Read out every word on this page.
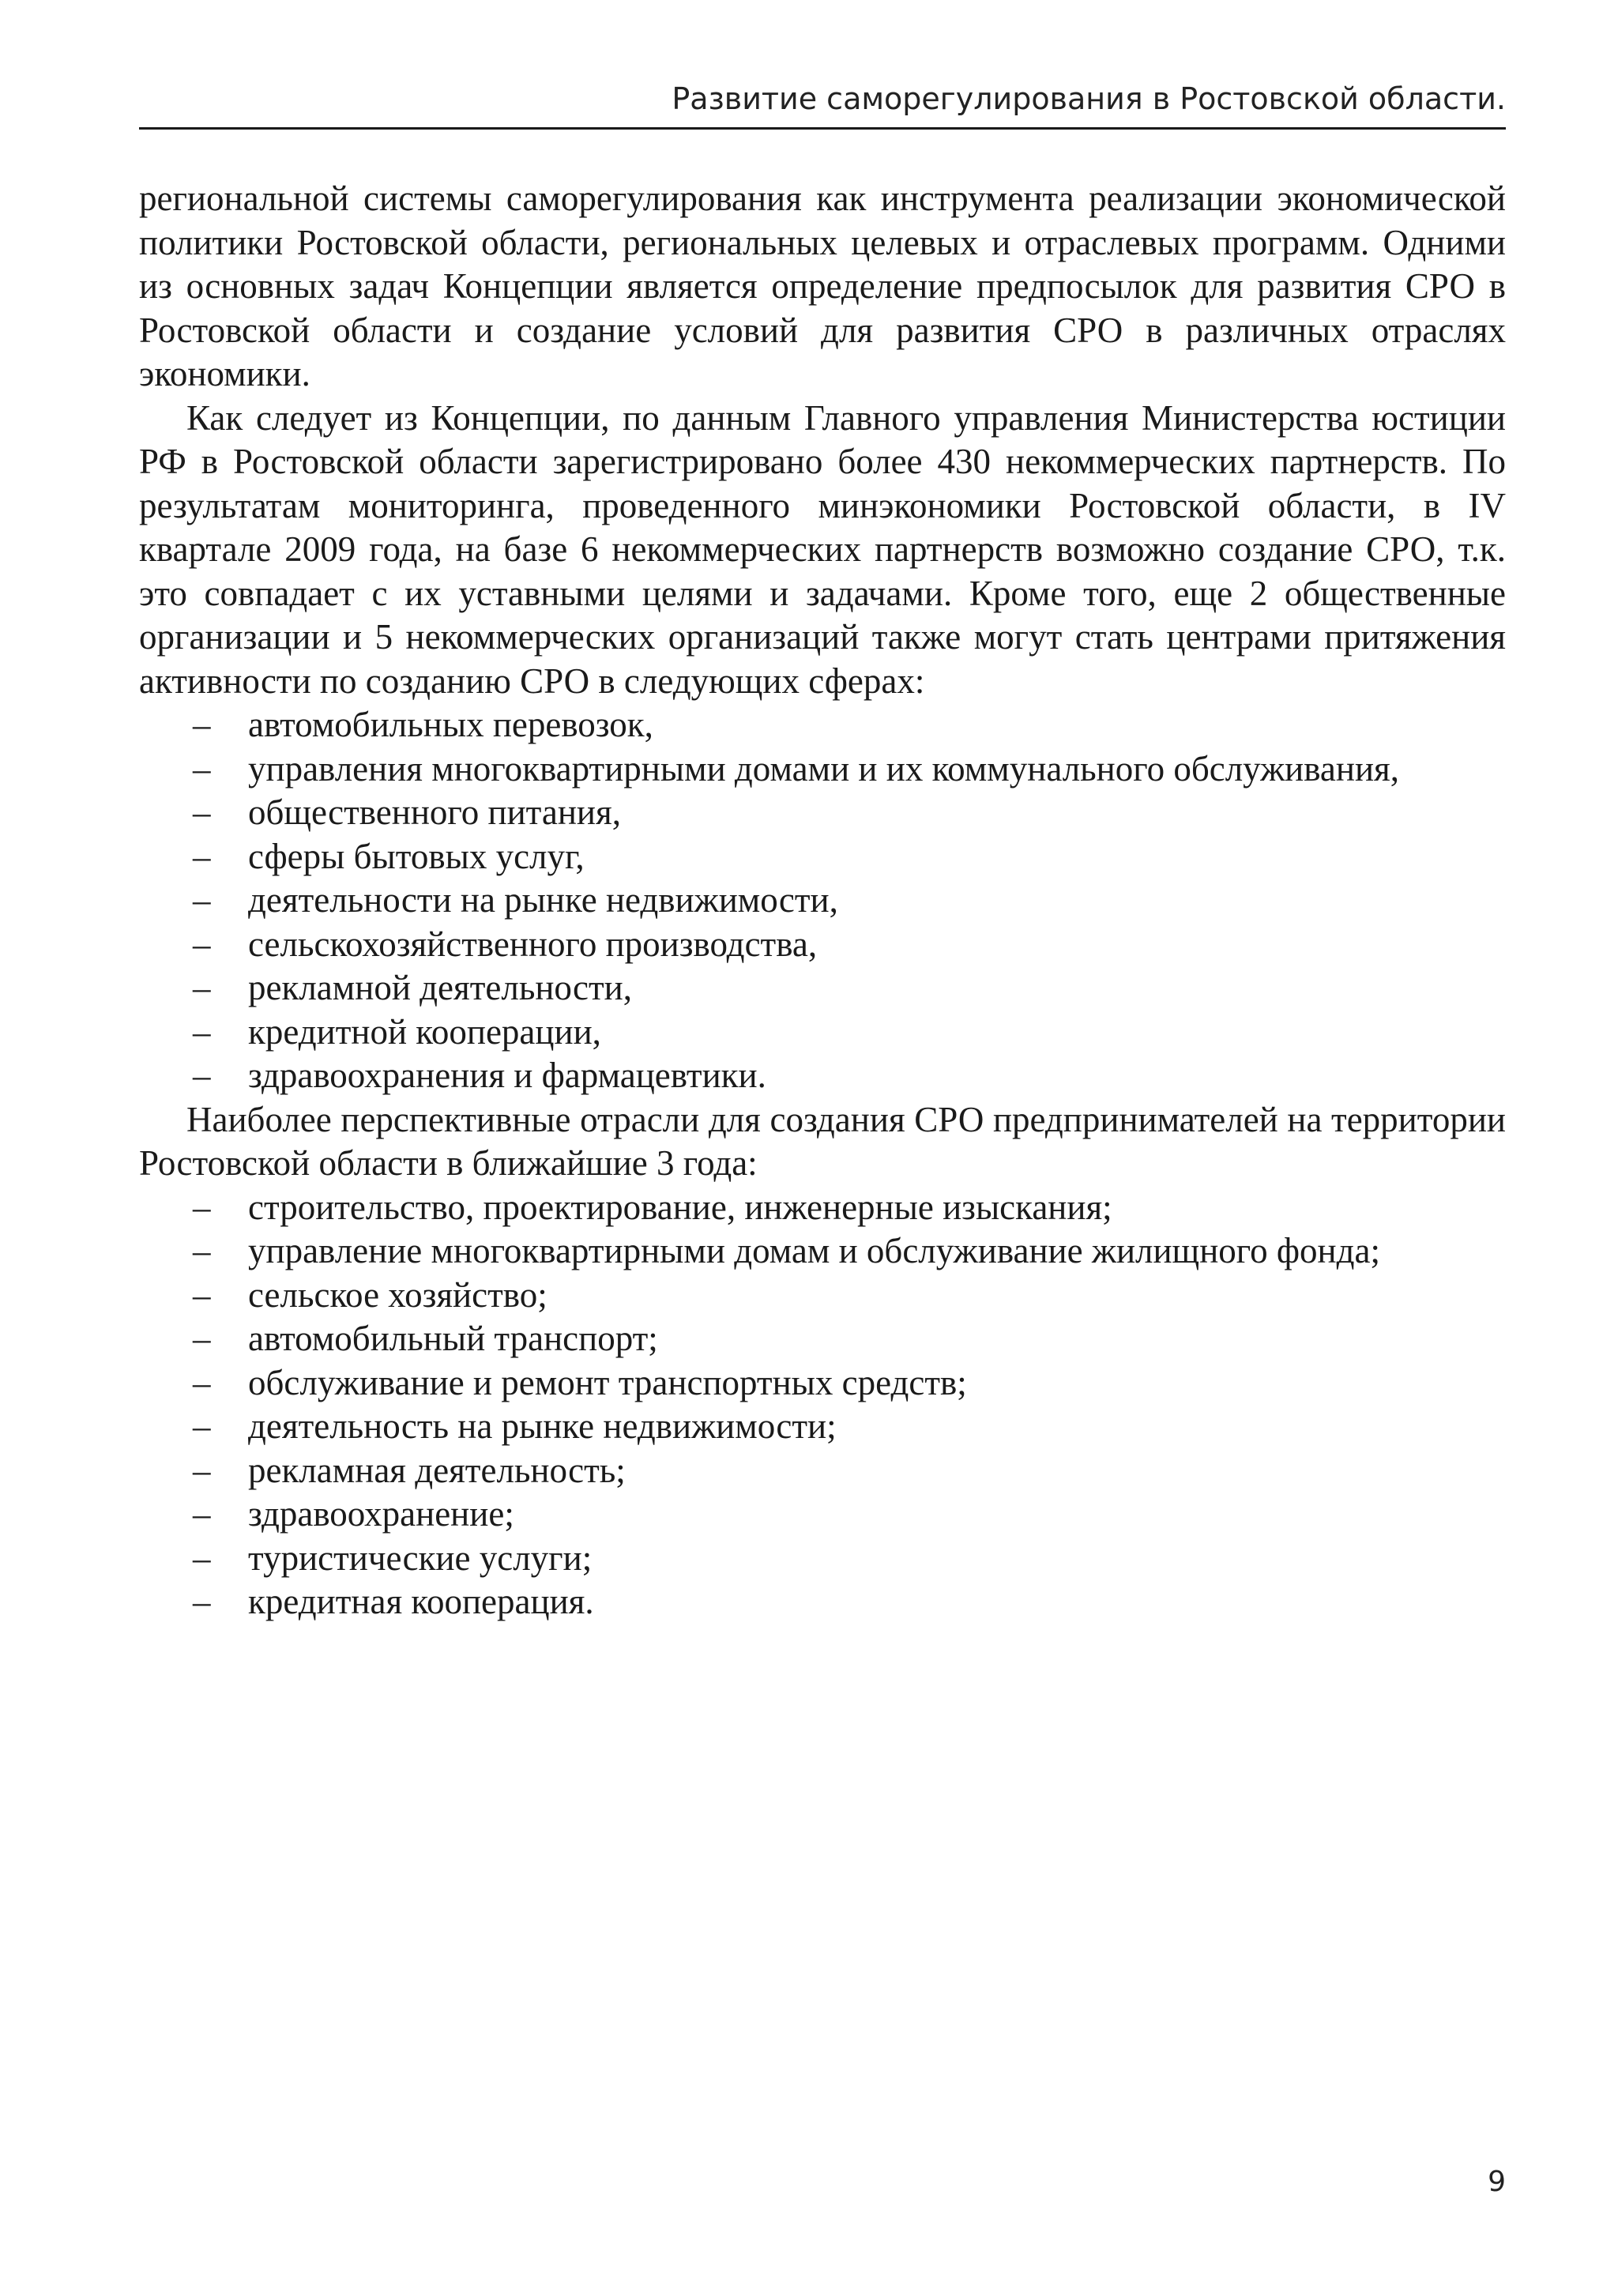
Развитие саморегулирования в Ростовской области.

региональной системы саморегулирования как инструмента реализации экономической политики Ростовской области, региональных целевых и отраслевых программ. Одними из основных задач Концепции является определение предпосылок для развития СРО в Ростовской области и создание условий для развития СРО в различных отраслях экономики.

Как следует из Концепции, по данным Главного управления Министерства юстиции РФ в Ростовской области зарегистрировано более 430 некоммерческих партнерств. По результатам мониторинга, проведенного минэкономики Ростовской области, в IV квартале 2009 года, на базе 6 некоммерческих партнерств возможно создание СРО, т.к. это совпадает с их уставными целями и задачами. Кроме того, еще 2 общественные организации и 5 некоммерческих организаций также могут стать центрами притяжения активности по созданию СРО в следующих сферах:

– автомобильных перевозок,
– управления многоквартирными домами и их коммунального обслуживания,
– общественного питания,
– сферы бытовых услуг,
– деятельности на рынке недвижимости,
– сельскохозяйственного производства,
– рекламной деятельности,
– кредитной кооперации,
– здравоохранения и фармацевтики.

Наиболее перспективные отрасли для создания СРО предпринимателей на территории Ростовской области в ближайшие 3 года:

– строительство, проектирование, инженерные изыскания;
– управление многоквартирными домам и обслуживание жилищного фонда;
– сельское хозяйство;
– автомобильный транспорт;
– обслуживание и ремонт транспортных средств;
– деятельность на рынке недвижимости;
– рекламная деятельность;
– здравоохранение;
– туристические услуги;
– кредитная кооперация.
9
